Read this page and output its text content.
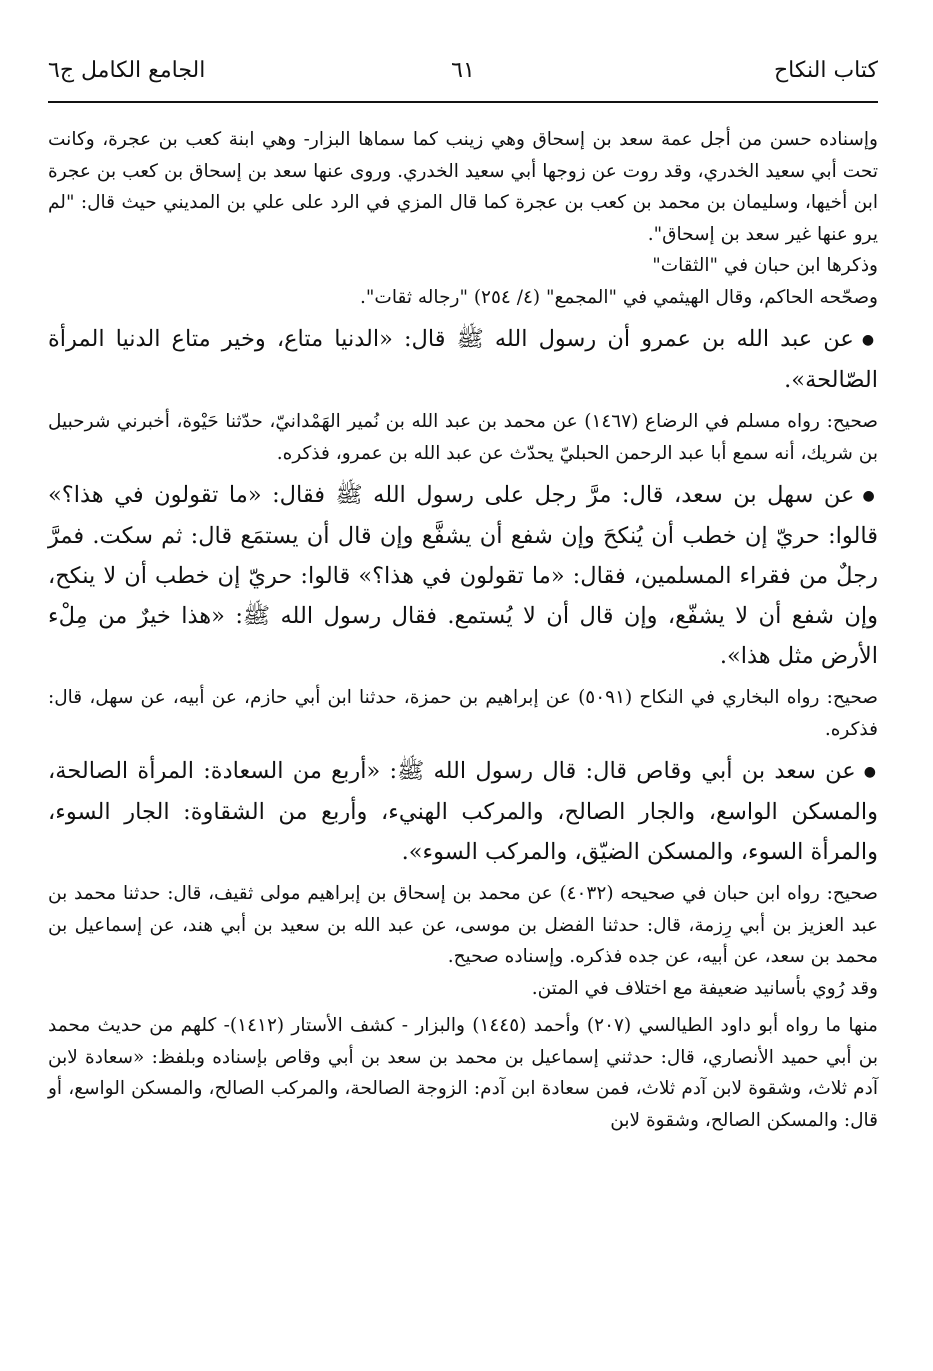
كتاب النكاح
٦١
الجامع الكامل ج٦

وإسناده حسن من أجل عمة سعد بن إسحاق وهي زينب كما سماها البزار- وهي ابنة كعب بن عجرة، وكانت تحت أبي سعيد الخدري، وقد روت عن زوجها أبي سعيد الخدري. وروى عنها سعد بن إسحاق بن كعب بن عجرة ابن أخيها، وسليمان بن محمد بن كعب بن عجرة كما قال المزي في الرد على علي بن المديني حيث قال: "لم يرو عنها غير سعد بن إسحاق".

وذكرها ابن حبان في "الثقات"

وصحّحه الحاكم، وقال الهيثمي في "المجمع" (٤/ ٢٥٤) "رجاله ثقات".

● عن عبد الله بن عمرو أن رسول الله ﷺ قال: «الدنيا متاع، وخير متاع الدنيا المرأة الصّالحة».

صحيح: رواه مسلم في الرضاع (١٤٦٧) عن محمد بن عبد الله بن نُمير الهَمْدانيّ، حدّثنا حَيْوة، أخبرني شرحبيل بن شريك، أنه سمع أبا عبد الرحمن الحبليّ يحدّث عن عبد الله بن عمرو، فذكره.

● عن سهل بن سعد، قال: مرَّ رجل على رسول الله ﷺ فقال: «ما تقولون في هذا؟» قالوا: حريّ إن خطب أن يُنكحَ وإن شفع أن يشفَّع وإن قال أن يستمَع قال: ثم سكت. فمرَّ رجلٌ من فقراء المسلمين، فقال: «ما تقولون في هذا؟» قالوا: حريّ إن خطب أن لا ينكح، وإن شفع أن لا يشفّع، وإن قال أن لا يُستمع. فقال رسول الله ﷺ: «هذا خيرٌ من مِلْء الأرض مثل هذا».

صحيح: رواه البخاري في النكاح (٥٠٩١) عن إبراهيم بن حمزة، حدثنا ابن أبي حازم، عن أبيه، عن سهل، قال: فذكره.

● عن سعد بن أبي وقاص قال: قال رسول الله ﷺ: «أربع من السعادة: المرأة الصالحة، والمسكن الواسع، والجار الصالح، والمركب الهنيء، وأربع من الشقاوة: الجار السوء، والمرأة السوء، والمسكن الضيّق، والمركب السوء».

صحيح: رواه ابن حبان في صحيحه (٤٠٣٢) عن محمد بن إسحاق بن إبراهيم مولى ثقيف، قال: حدثنا محمد بن عبد العزيز بن أبي رِزمة، قال: حدثنا الفضل بن موسى، عن عبد الله بن سعيد بن أبي هند، عن إسماعيل بن محمد بن سعد، عن أبيه، عن جده فذكره. وإسناده صحيح.

وقد رُوي بأسانيد ضعيفة مع اختلاف في المتن.

منها ما رواه أبو داود الطيالسي (٢٠٧) وأحمد (١٤٤٥) والبزار - كشف الأستار (١٤١٢)- كلهم من حديث محمد بن أبي حميد الأنصاري، قال: حدثني إسماعيل بن محمد بن سعد بن أبي وقاص بإسناده وبلفظ: «سعادة لابن آدم ثلاث، وشقوة لابن آدم ثلاث، فمن سعادة ابن آدم: الزوجة الصالحة، والمركب الصالح، والمسكن الواسع، أو قال: والمسكن الصالح، وشقوة لابن
